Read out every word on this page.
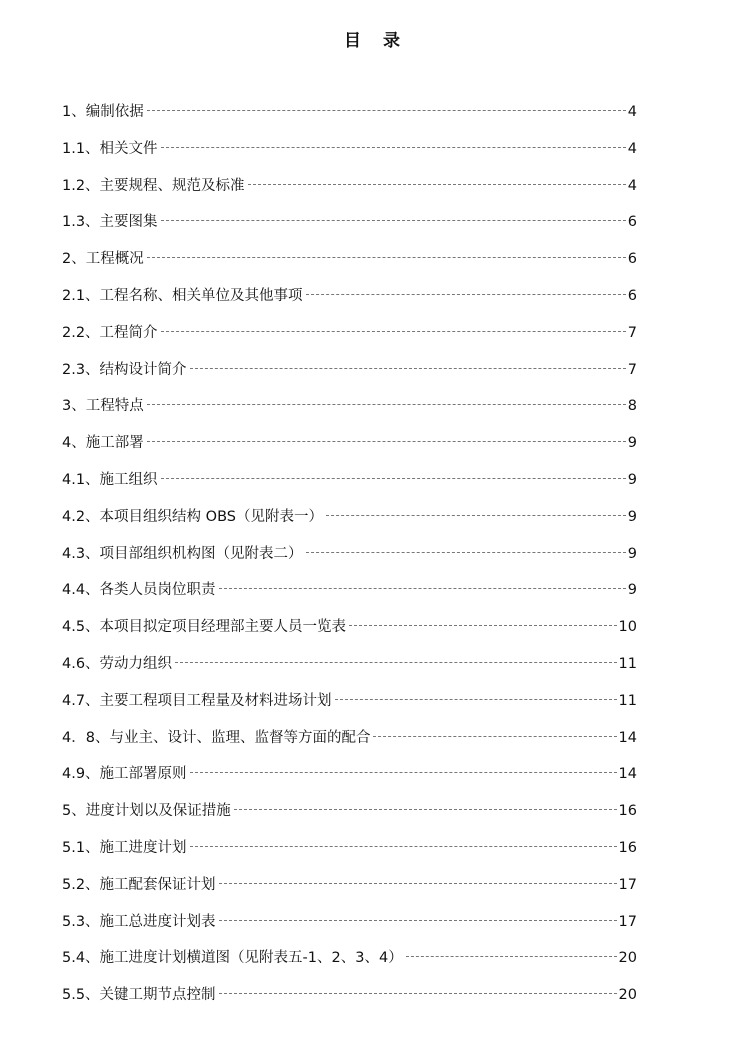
目录
1、编制依据	4
1.1、相关文件	4
1.2、主要规程、规范及标准	4
1.3、主要图集	6
2、工程概况	6
2.1、工程名称、相关单位及其他事项	6
2.2、工程简介	7
2.3、结构设计简介	7
3、工程特点	8
4、施工部署	9
4.1、施工组织	9
4.2、本项目组织结构 OBS（见附表一）	9
4.3、项目部组织机构图（见附表二）	9
4.4、各类人员岗位职责	9
4.5、本项目拟定项目经理部主要人员一览表	10
4.6、劳动力组织	11
4.7、主要工程项目工程量及材料进场计划	11
4．8、与业主、设计、监理、监督等方面的配合	14
4.9、施工部署原则	14
5、进度计划以及保证措施	16
5.1、施工进度计划	16
5.2、施工配套保证计划	17
5.3、施工总进度计划表	17
5.4、施工进度计划横道图（见附表五-1、2、3、4）	20
5.5、关键工期节点控制	20
